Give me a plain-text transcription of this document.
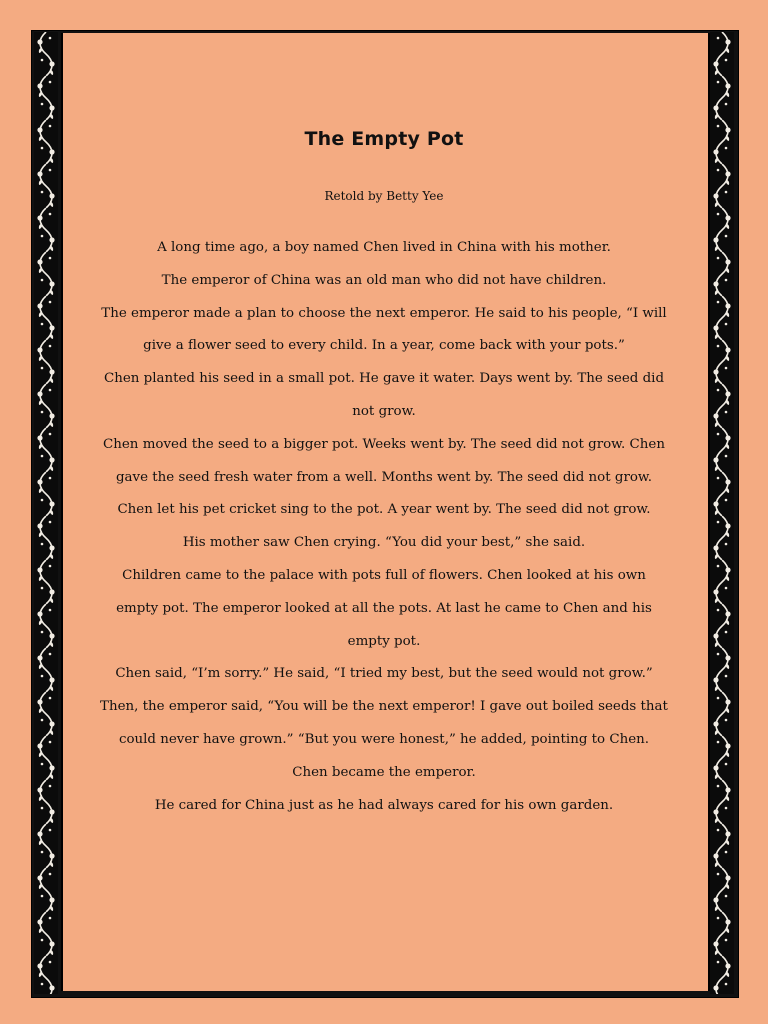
The Empty Pot
Retold by Betty Yee

A long time ago, a boy named Chen lived in China with his mother.

The emperor of China was an old man who did not have children.

The emperor made a plan to choose the next emperor. He said to his people, “I will give a flower seed to every child. In a year, come back with your pots.”

Chen planted his seed in a small pot. He gave it water. Days went by. The seed did not grow.

Chen moved the seed to a bigger pot. Weeks went by. The seed did not grow. Chen gave the seed fresh water from a well. Months went by. The seed did not grow. Chen let his pet cricket sing to the pot. A year went by. The seed did not grow.

His mother saw Chen crying. “You did your best,” she said.

Children came to the palace with pots full of flowers. Chen looked at his own empty pot. The emperor looked at all the pots. At last he came to Chen and his empty pot.

Chen said, “I’m sorry.” He said, “I tried my best, but the seed would not grow.” Then, the emperor said, “You will be the next emperor! I gave out boiled seeds that could never have grown.” “But you were honest,” he added, pointing to Chen. Chen became the emperor.

He cared for China just as he had always cared for his own garden.
